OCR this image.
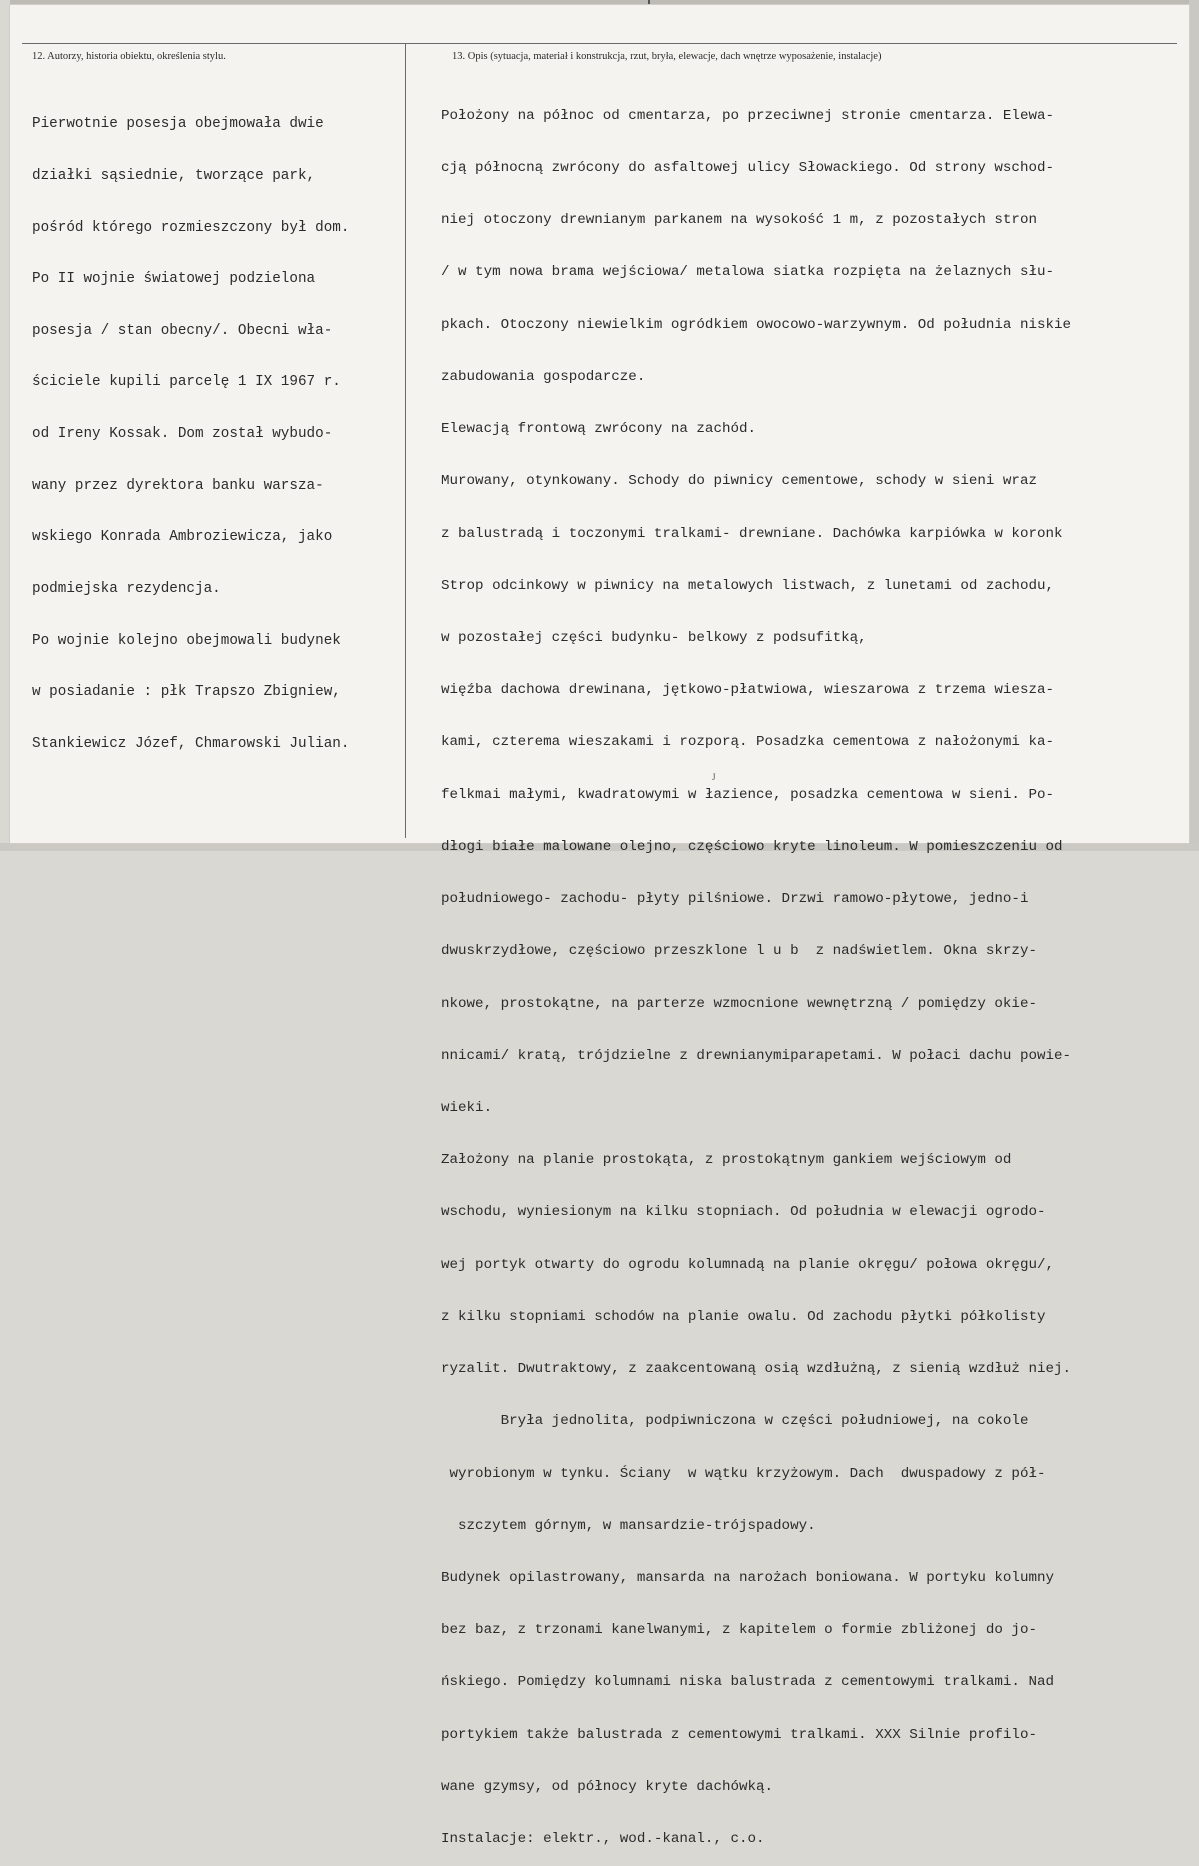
12. Autorzy, historia obiektu, określenia stylu.	13. Opis (sytuacja, materiał i konstrukcja, rzut, bryła, elewacje, dach wnętrze wyposażenie, instalacje)

Pierwotnie posesja obejmowała dwie

działki sąsiednie, tworzące park,

pośród którego rozmieszczony był dom.

Po II wojnie światowej podzielona

posesja / stan obecny/. Obecni wła-

ściciele kupili parcelę 1 IX 1967 r.

od Ireny Kossak. Dom został wybudo-

wany przez dyrektora banku warsza-

wskiego Konrada Ambroziewicza, jako

podmiejska rezydencja.

Po wojnie kolejno obejmowali budynek

w posiadanie : płk Trapszo Zbigniew,

Stankiewicz Józef, Chmarowski Julian.

Położony na północ od cmentarza, po przeciwnej stronie cmentarza. Elewa-

cją północną zwrócony do asfaltowej ulicy Słowackiego. Od strony wschod-

niej otoczony drewnianym parkanem na wysokość 1 m, z pozostałych stron

/ w tym nowa brama wejściowa/ metalowa siatka rozpięta na żelaznych słu-

pkach. Otoczony niewielkim ogródkiem owocowo-warzywnym. Od południa niskie

zabudowania gospodarcze.

Elewacją frontową zwrócony na zachód.

Murowany, otynkowany. Schody do piwnicy cementowe, schody w sieni wraz

z balustradą i toczonymi tralkami- drewniane. Dachówka karpiówka w koronk

Strop odcinkowy w piwnicy na metalowych listwach, z lunetami od zachodu,

w pozostałej części budynku- belkowy z podsufitką,

więźba dachowa drewinana, jętkowo-płatwiowa, wieszarowa z trzema wiesza-

kami, czterema wieszakami i rozporą. Posadzka cementowa z nałożonymi ka-

felkmai małymi, kwadratowymi w łazience, posadzka cementowa w sieni. Po-

dłogi białe malowane olejno, częściowo kryte linoleum. W pomieszczeniu od

południowego- zachodu- płyty pilśniowe. Drzwi ramowo-płytowe, jedno-i

dwuskrzydłowe, częściowo przeszklone l u b  z nadświetlem. Okna skrzy-

nkowe, prostokątne, na parterze wzmocnione wewnętrzną / pomiędzy okie-

nnicami/ kratą, trójdzielne z drewnianymiparapetami. W połaci dachu powie-

wieki.

Założony na planie prostokąta, z prostokątnym gankiem wejściowym od

wschodu, wyniesionym na kilku stopniach. Od południa w elewacji ogrodo-

wej portyk otwarty do ogrodu kolumnadą na planie okręgu/ połowa okręgu/,

z kilku stopniami schodów na planie owalu. Od zachodu płytki półkolisty

ryzalit. Dwutraktowy, z zaakcentowaną osią wzdłużną, z sienią wzdłuż niej.

Bryła jednolita, podpiwniczona w części południowej, na cokole

wyrobionym w tynku. Ściany  w wątku krzyżowym. Dach  dwuspadowy z pół-

szczytem górnym, w mansardzie-trójspadowy.

Budynek opilastrowany, mansarda na narożach boniowana. W portyku kolumny

bez baz, z trzonami kanelwanymi, z kapitelem o formie zbliżonej do jo-

ńskiego. Pomiędzy kolumnami niska balustrada z cementowymi tralkami. Nad

portykiem także balustrada z cementowymi tralkami. XXX Silnie profilo-

wane gzymsy, od północy kryte dachówką.

Instalacje: elektr., wod.-kanal., c.o.

J
